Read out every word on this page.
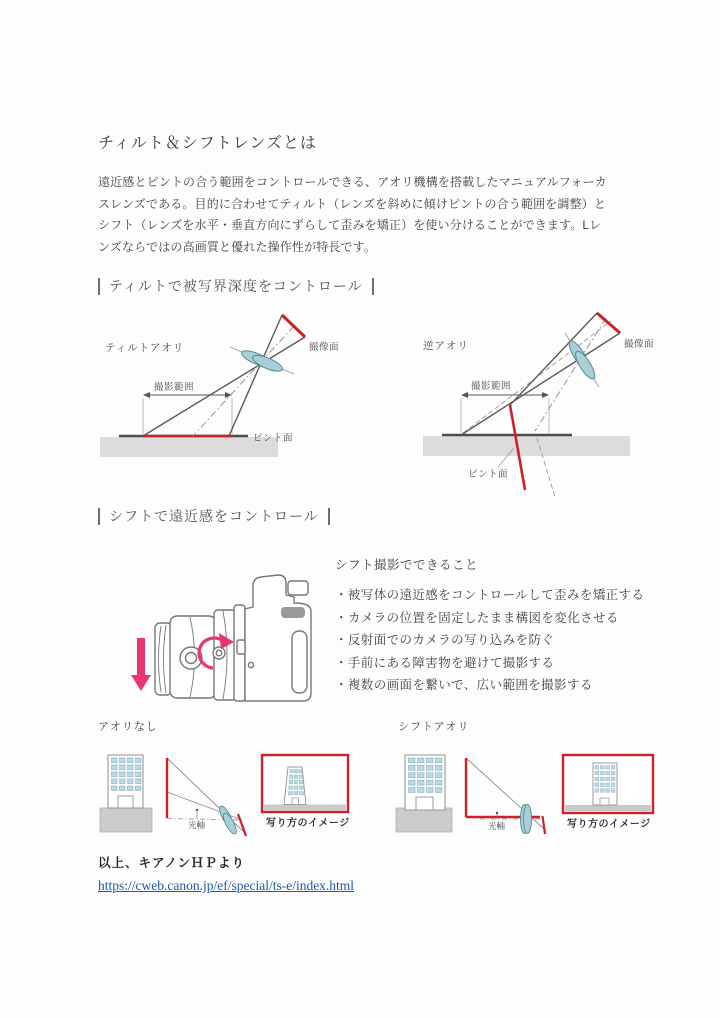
チィルト＆シフトレンズとは
遠近感とピントの合う範囲をコントロールできる、アオリ機構を搭載したマニュアルフォーカ
スレンズである。目的に合わせてティルト（レンズを斜めに傾けピントの合う範囲を調整）と
シフト（レンズを水平・垂直方向にずらして歪みを矯正）を使い分けることができます。Lレ
ンズならではの高画質と優れた操作性が特長です。
ティルトで被写界深度をコントロール
ティルトアオリ	撮像面
撮影範囲
ピント面
逆アオリ	撮像面
撮影範囲
ピント面
シフトで遠近感をコントロール
シフト撮影でできること
・被写体の遠近感をコントロールして歪みを矯正する
・カメラの位置を固定したまま構図を変化させる
・反射面でのカメラの写り込みを防ぐ
・手前にある障害物を避けて撮影する
・複数の画面を繋いで、広い範囲を撮影する
アオリなし	シフトアオリ
光軸	写り方のイメージ	光軸	写り方のイメージ
以上、キアノンＨＰより
https://cweb.canon.jp/ef/special/ts-e/index.html
